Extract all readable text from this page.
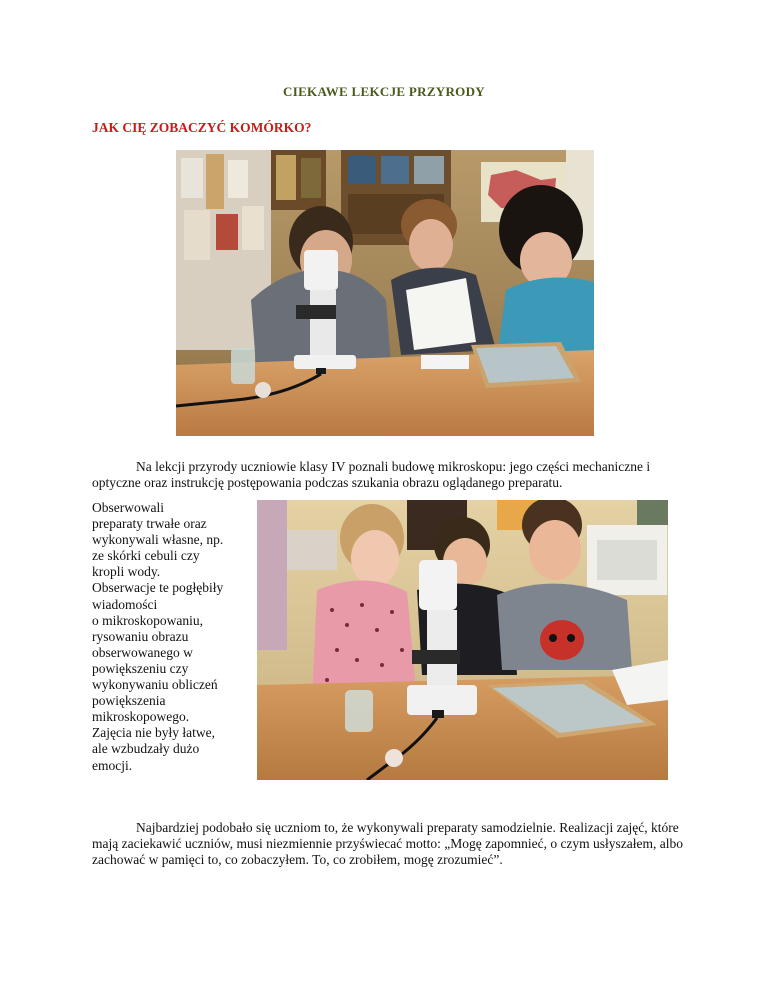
CIEKAWE LEKCJE PRZYRODY
JAK CIĘ ZOBACZYĆ KOMÓRKO?
Na lekcji przyrody uczniowie klasy IV poznali budowę mikroskopu: jego części mechaniczne i optyczne oraz instrukcję postępowania podczas szukania obrazu oglądanego preparatu.
Obserwowali
preparaty trwałe oraz
wykonywali własne, np.
ze skórki cebuli czy
kropli wody.
Obserwacje te pogłębiły
wiadomości
o mikroskopowaniu,
rysowaniu obrazu
obserwowanego w
powiększeniu czy
wykonywaniu obliczeń
powiększenia
mikroskopowego.
Zajęcia nie były łatwe,
ale wzbudzały dużo
emocji.
Najbardziej podobało się uczniom to, że wykonywali preparaty samodzielnie. Realizacji zajęć, które mają zaciekawić uczniów, musi niezmiennie przyświecać motto: „Mogę zapomnieć, o czym usłyszałem, albo zachować w pamięci to, co zobaczyłem. To, co zrobiłem, mogę zrozumieć”.
